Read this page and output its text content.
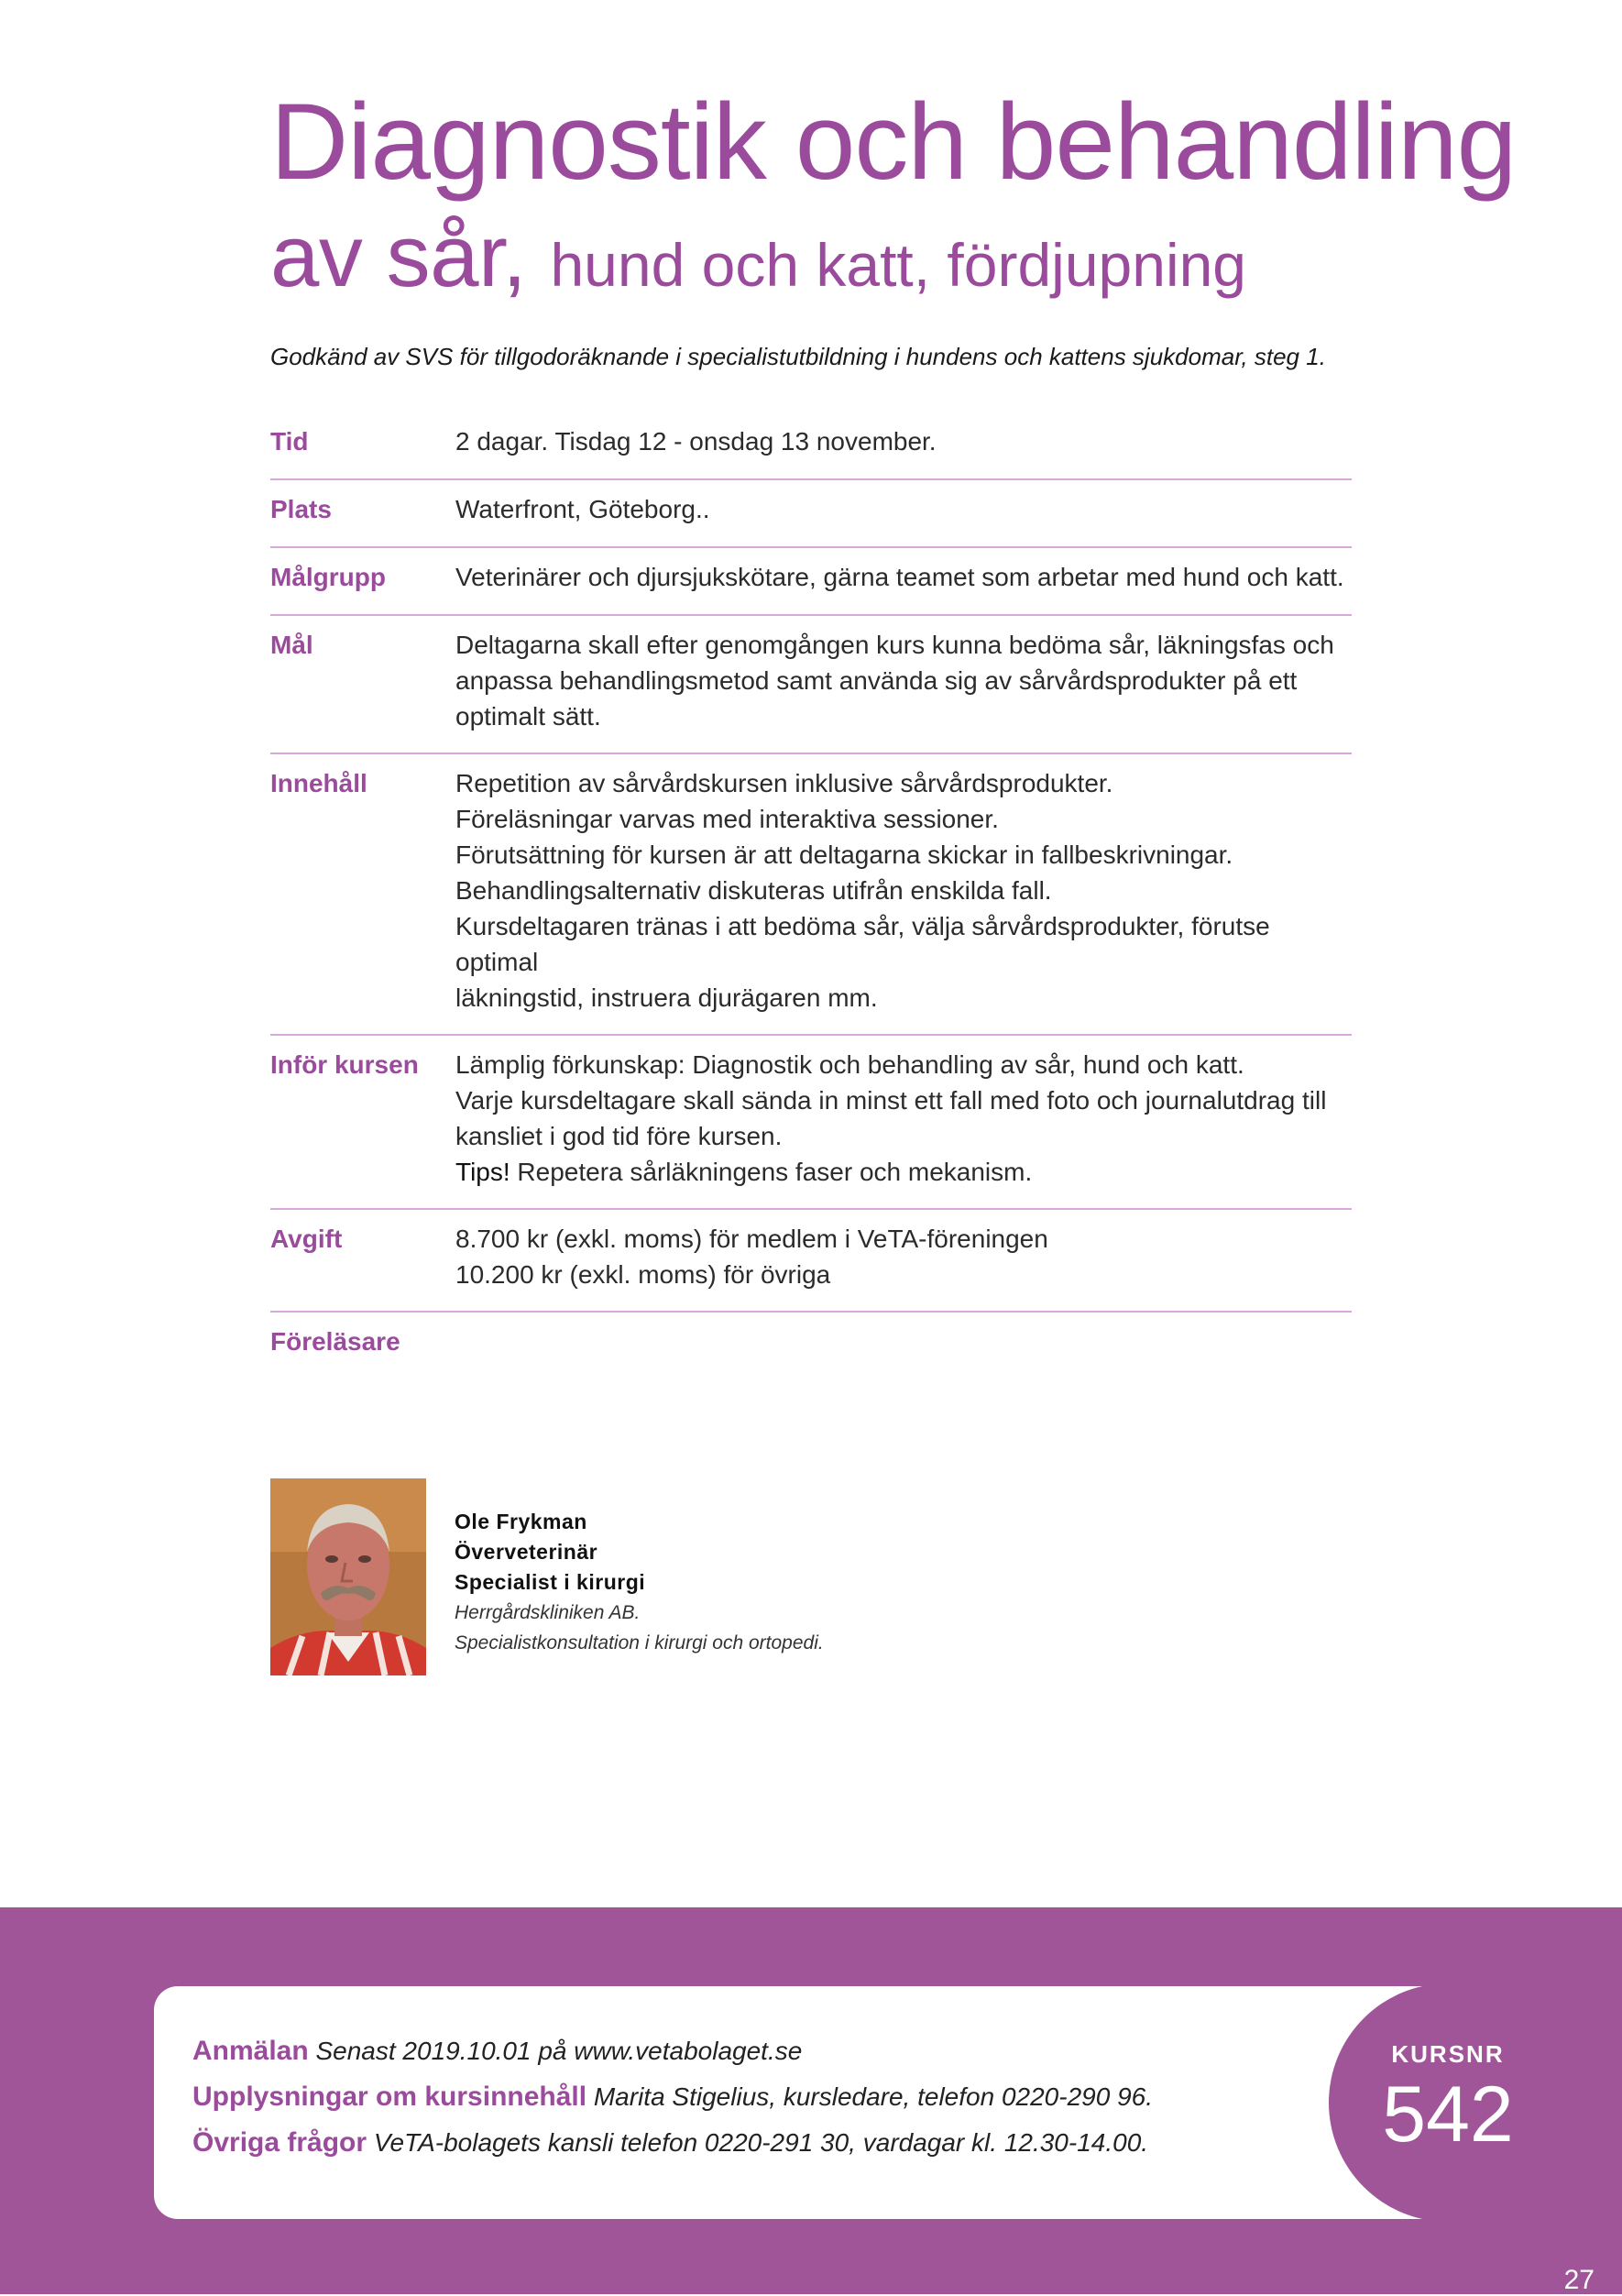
Diagnostik och behandling

av sår, hund och katt, fördjupning

Godkänd av SVS för tillgodoräknande i specialistutbildning i hundens och kattens sjukdomar, steg 1.
Tid	2 dagar. Tisdag 12 - onsdag 13 november.

Plats	Waterfront, Göteborg..

Målgrupp	Veterinärer och djursjukskötare, gärna teamet som arbetar med hund och katt.

Mål	Deltagarna skall efter genomgången kurs kunna bedöma sår, läkningsfas och

anpassa behandlingsmetod samt använda sig av sårvårdsprodukter på ett

optimalt sätt.

Innehåll	Repetition av sårvårdskursen inklusive sårvårdsprodukter.

Föreläsningar varvas med interaktiva sessioner.

Förutsättning för kursen är att deltagarna skickar in fallbeskrivningar.

Behandlingsalternativ diskuteras utifrån enskilda fall.

Kursdeltagaren tränas i att bedöma sår, välja sårvårdsprodukter, förutse optimal

läkningstid, instruera djurägaren mm.

Inför kursen	Lämplig förkunskap: Diagnostik och behandling av sår, hund och katt.

Varje kursdeltagare skall sända in minst ett fall med foto och journalutdrag till

kansliet i god tid före kursen.

Tips! Repetera sårläkningens faser och mekanism.

Avgift	8.700 kr (exkl. moms) för medlem i VeTA-föreningen

10.200 kr (exkl. moms) för övriga

Föreläsare

Ole Frykman

Överveterinär

Specialist i kirurgi

Herrgårdskliniken AB.

Specialistkonsultation i kirurgi och ortopedi.

Anmälan Senast 2019.10.01 på www.vetabolaget.se

Upplysningar om kursinnehåll Marita Stigelius, kursledare, telefon 0220-290 96.

Övriga frågor VeTA-bolagets kansli telefon 0220-291 30, vardagar kl. 12.30-14.00.

KURSNR
542
27
